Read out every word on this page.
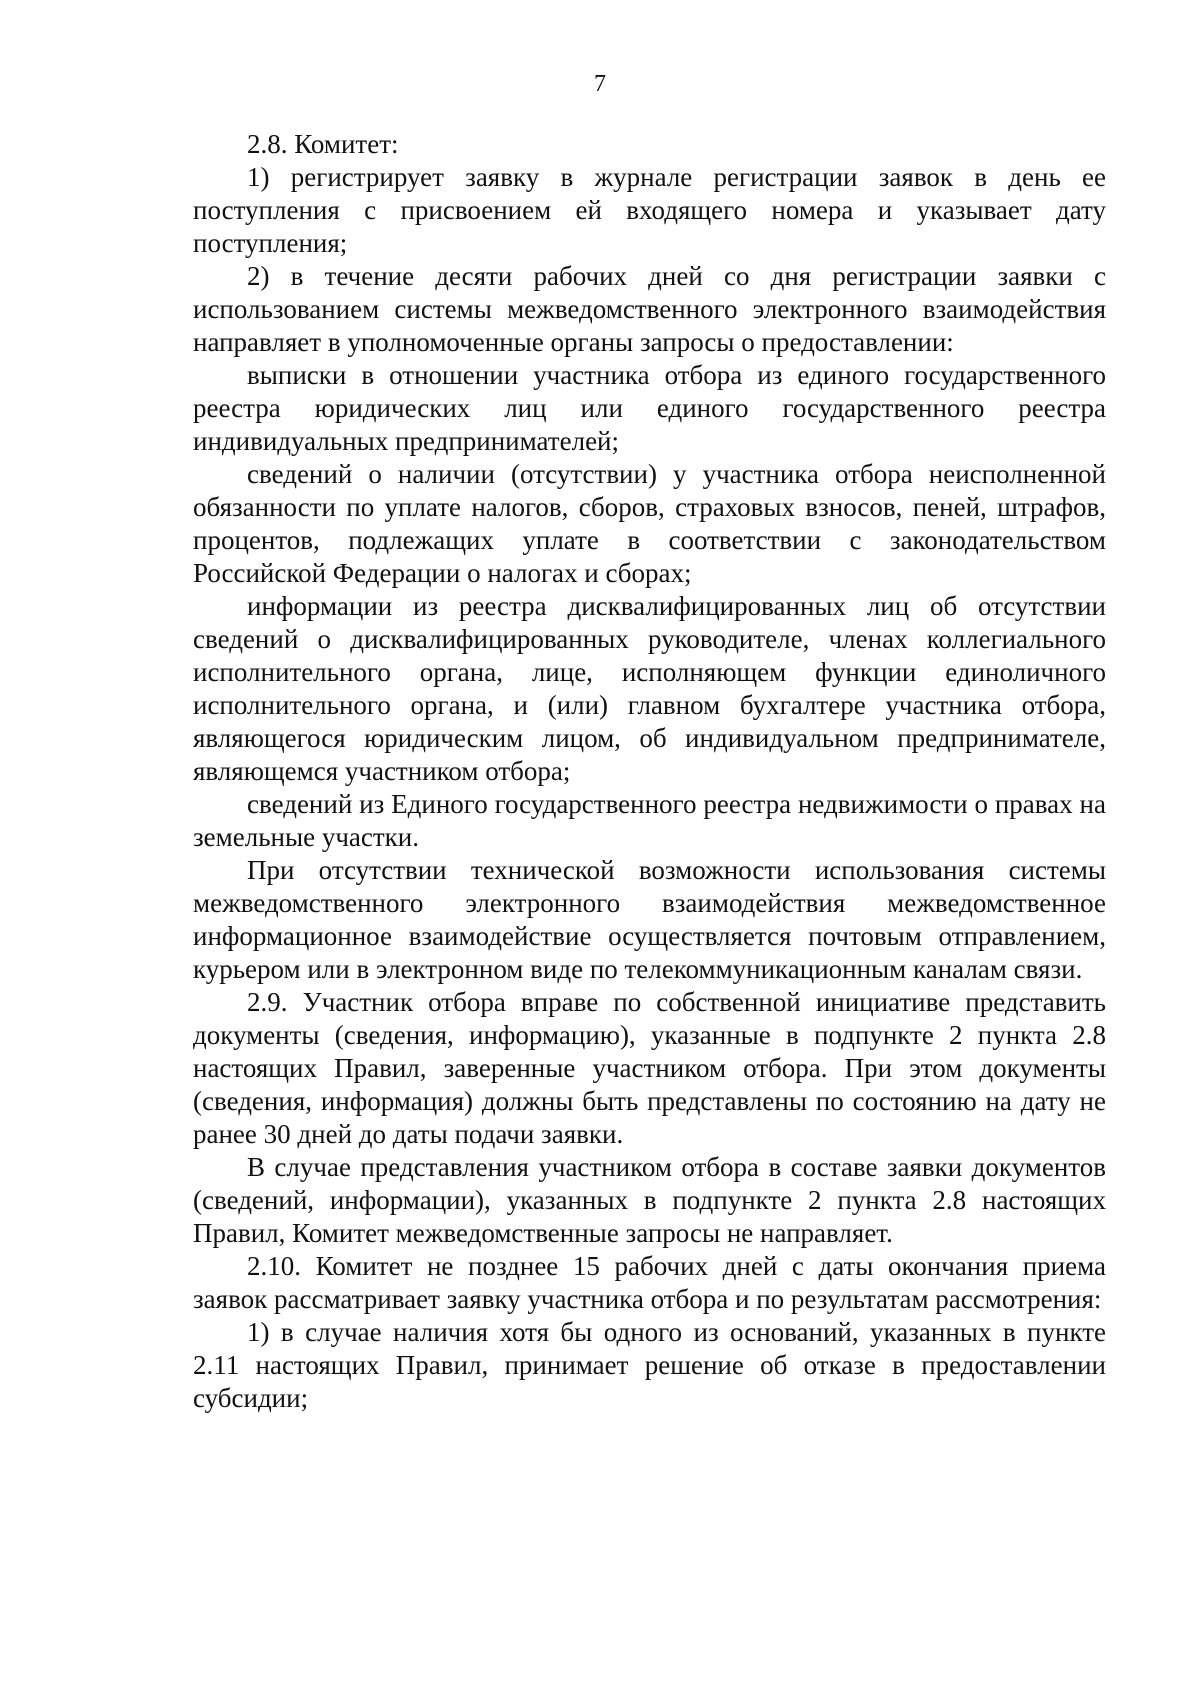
7

2.8. Комитет:

1) регистрирует заявку в журнале регистрации заявок в день ее поступления с присвоением ей входящего номера и указывает дату поступления;

2) в течение десяти рабочих дней со дня регистрации заявки с использованием системы межведомственного электронного взаимодействия направляет в уполномоченные органы запросы о предоставлении:

выписки в отношении участника отбора из единого государственного реестра юридических лиц или единого государственного реестра индивидуальных предпринимателей;

сведений о наличии (отсутствии) у участника отбора неисполненной обязанности по уплате налогов, сборов, страховых взносов, пеней, штрафов, процентов, подлежащих уплате в соответствии с законодательством Российской Федерации о налогах и сборах;

информации из реестра дисквалифицированных лиц об отсутствии сведений о дисквалифицированных руководителе, членах коллегиального исполнительного органа, лице, исполняющем функции единоличного исполнительного органа, и (или) главном бухгалтере участника отбора, являющегося юридическим лицом, об индивидуальном предпринимателе, являющемся участником отбора;

сведений из Единого государственного реестра недвижимости о правах на земельные участки.

При отсутствии технической возможности использования системы межведомственного электронного взаимодействия межведомственное информационное взаимодействие осуществляется почтовым отправлением, курьером или в электронном виде по телекоммуникационным каналам связи.

2.9. Участник отбора вправе по собственной инициативе представить документы (сведения, информацию), указанные в подпункте 2 пункта 2.8 настоящих Правил, заверенные участником отбора. При этом документы (сведения, информация) должны быть представлены по состоянию на дату не ранее 30 дней до даты подачи заявки.

В случае представления участником отбора в составе заявки документов (сведений, информации), указанных в подпункте 2 пункта 2.8 настоящих Правил, Комитет межведомственные запросы не направляет.

2.10. Комитет не позднее 15 рабочих дней с даты окончания приема заявок рассматривает заявку участника отбора и по результатам рассмотрения:

1) в случае наличия хотя бы одного из оснований, указанных в пункте 2.11 настоящих Правил, принимает решение об отказе в предоставлении субсидии;
